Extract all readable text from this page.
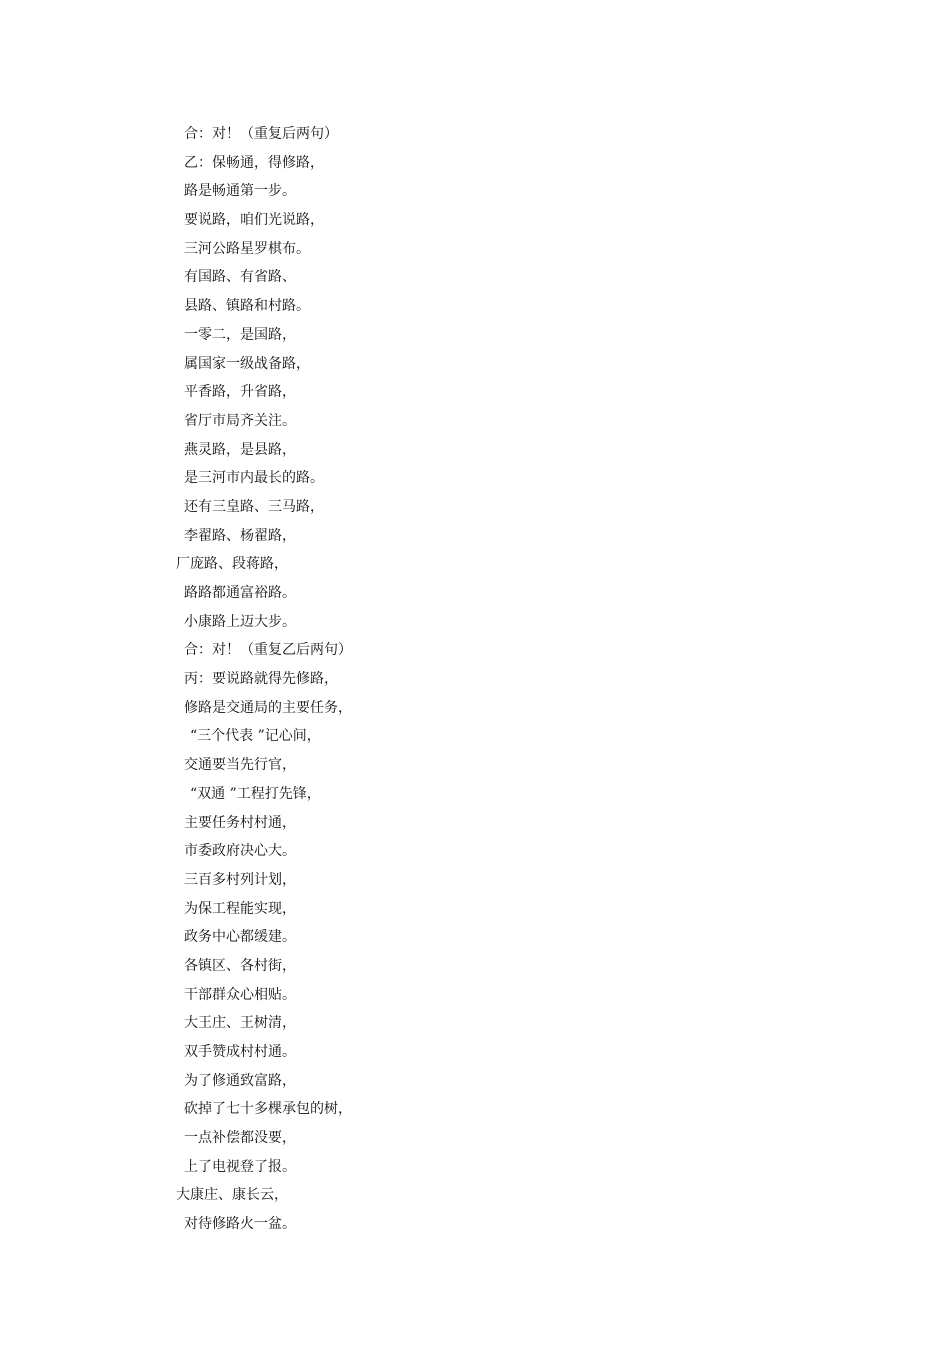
合：对！（重复后两句）
乙：保畅通，得修路，
路是畅通第一步。
要说路，咱们光说路，
三河公路星罗棋布。
有国路、有省路、
县路、镇路和村路。
一零二，是国路，
属国家一级战备路，
平香路，升省路，
省厅市局齐关注。
燕灵路，是县路，
是三河市内最长的路。
还有三皇路、三马路，
李翟路、杨翟路，
厂庞路、段蒋路，
路路都通富裕路。
小康路上迈大步。
合：对！（重复乙后两句）
丙：要说路就得先修路，
修路是交通局的主要任务，
“三个代表 ”记心间，
交通要当先行官，
“双通 ”工程打先锋，
主要任务村村通，
市委政府决心大。
三百多村列计划，
为保工程能实现，
政务中心都缓建。
各镇区、各村街，
干部群众心相贴。
大王庄、王树清，
双手赞成村村通。
为了修通致富路，
砍掉了七十多棵承包的树，
一点补偿都没要，
上了电视登了报。
大康庄、康长云，
对待修路火一盆。
